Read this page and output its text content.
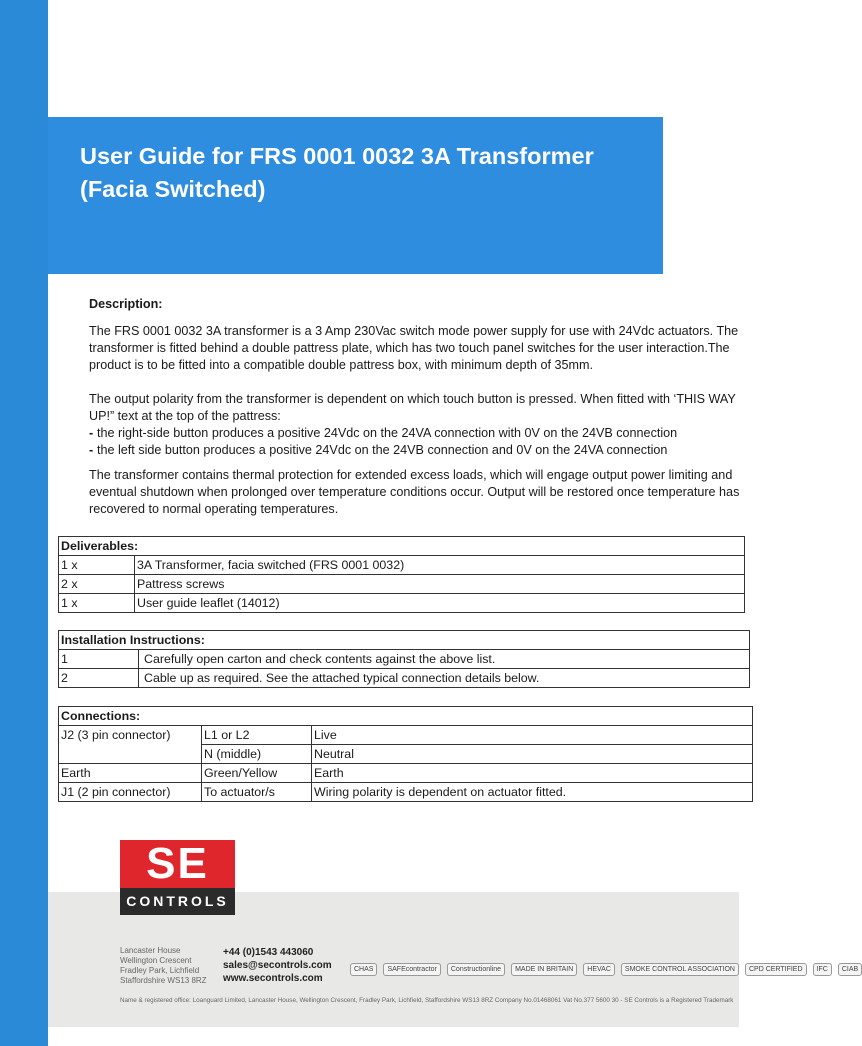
User Guide for FRS 0001 0032 3A Transformer
(Facia Switched)
Description:

The FRS 0001 0032 3A transformer is a 3 Amp 230Vac switch mode power supply for use with 24Vdc actuators. The transformer is fitted behind a double pattress plate, which has two touch panel switches for the user interaction.The product is to be fitted into a compatible double pattress box, with minimum depth of 35mm.

The output polarity from the transformer is dependent on which touch button is pressed. When fitted with ‘THIS WAY UP!” text at the top of the pattress:

- the right-side button produces a positive 24Vdc on the 24VA connection with 0V on the 24VB connection
- the left side button produces a positive 24Vdc on the 24VB connection and 0V on the 24VA connection

The transformer contains thermal protection for extended excess loads, which will engage output power limiting and eventual shutdown when prolonged over temperature conditions occur. Output will be restored once temperature has recovered to normal operating temperatures.

Deliverables:	
1 x	3A Transformer, facia switched (FRS 0001 0032)
2 x	Pattress screws
1 x	User guide leaflet (14012)
Installation Instructions:	
1	Carefully open carton and check contents against the above list.
2	Cable up as required. See the attached typical connection details below.
Connections:		
J2 (3 pin connector)	L1 or L2	Live
	N (middle)	Neutral
Earth	Green/Yellow	Earth
J1 (2 pin connector)	To actuator/s	Wiring polarity is dependent on actuator fitted.
SE
CONTROLS
Lancaster House
Wellington Crescent
Fradley Park, Lichfield
Staffordshire WS13 8RZ
+44 (0)1543 443060
sales@secontrols.com
www.secontrols.com
CHAS	SAFEcontractor	Constructionline	MADE IN BRITAIN	HEVAC	SMOKE CONTROL ASSOCIATION	CPD CERTIFIED	IFC	CIAB
Name & registered office: Loanguard Limited, Lancaster House, Wellington Crescent, Fradley Park, Lichfield, Staffordshire WS13 8RZ Company No.01468061 Vat No.377 5600 30 - SE Controls is a Registered Trademark
